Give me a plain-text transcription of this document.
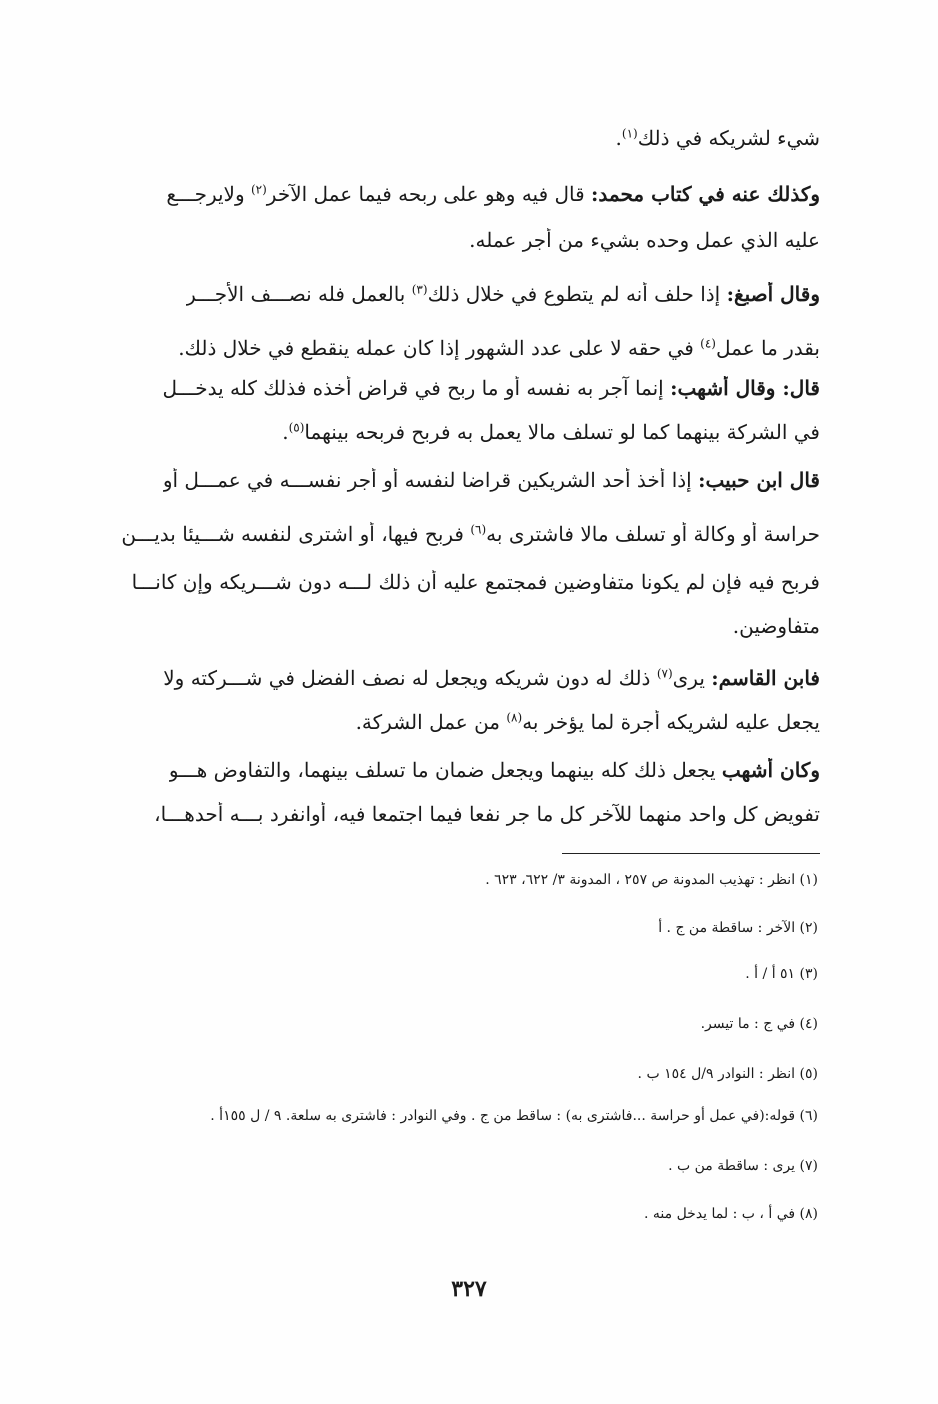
شيء لشريكه في ذلك$^{(١)}$.

وكذلك عنه في كتاب محمد: قال فيه وهو على ربحه فيما عمل الآخر$^{(٢)}$ ولايرجـــع

عليه الذي عمل وحده بشيء من أجر عمله.

وقال أصبغ: إذا حلف أنه لم يتطوع في خلال ذلك$^{(٣)}$ بالعمل فله نصـــف الأجـــر

بقدر ما عمل$^{(٤)}$ في حقه لا على عدد الشهور إذا كان عمله ينقطع في خلال ذلك.

قال: وقال أشهب: إنما آجر به نفسه أو ما ربح في قراض أخذه فذلك كله يدخـــل

في الشركة بينهما كما لو تسلف مالا يعمل به فربح فربحه بينهما$^{(٥)}$.

قال ابن حبيب: إذا أخذ أحد الشريكين قراضا لنفسه أو أجر نفســـه في عمـــل أو

حراسة أو وكالة أو تسلف مالا فاشترى به$^{(٦)}$ فربح فيها، أو اشترى لنفسه شـــيئا بديـــن

فربح فيه فإن لم يكونا متفاوضين فمجتمع عليه أن ذلك لـــه دون شـــريكه وإن كانـــا

متفاوضين.

فابن القاسم: يرى$^{(٧)}$ ذلك له دون شريكه ويجعل له نصف الفضل في شـــركته ولا

يجعل عليه لشريكه أجرة لما يؤخر به$^{(٨)}$ من عمل الشركة.

وكان أشهب يجعل ذلك كله بينهما ويجعل ضمان ما تسلف بينهما، والتفاوض هـــو

تفويض كل واحد منهما للآخر كل ما جر نفعا فيما اجتمعا فيه، أوانفرد بـــه أحدهـــا،

(١) انظر : تهذيب المدونة ص ٢٥٧ ، المدونة ٣/ ٦٢٢، ٦٢٣ .

(٢) الآخر : ساقطة من ج . أ

(٣) ٥١ أ / أ .

(٤) في ج : ما تيسر.

(٥) انظر : النوادر ٩/ل ١٥٤ ب .

(٦) قوله:(في عمل أو حراسة ...فاشترى به) : ساقط من ج . وفي النوادر : فاشترى به سلعة. ٩ / ل ١٥٥أ .

(٧) يرى : ساقطة من ب .

(٨) في أ ، ب : لما يدخل منه .

٣٢٧
